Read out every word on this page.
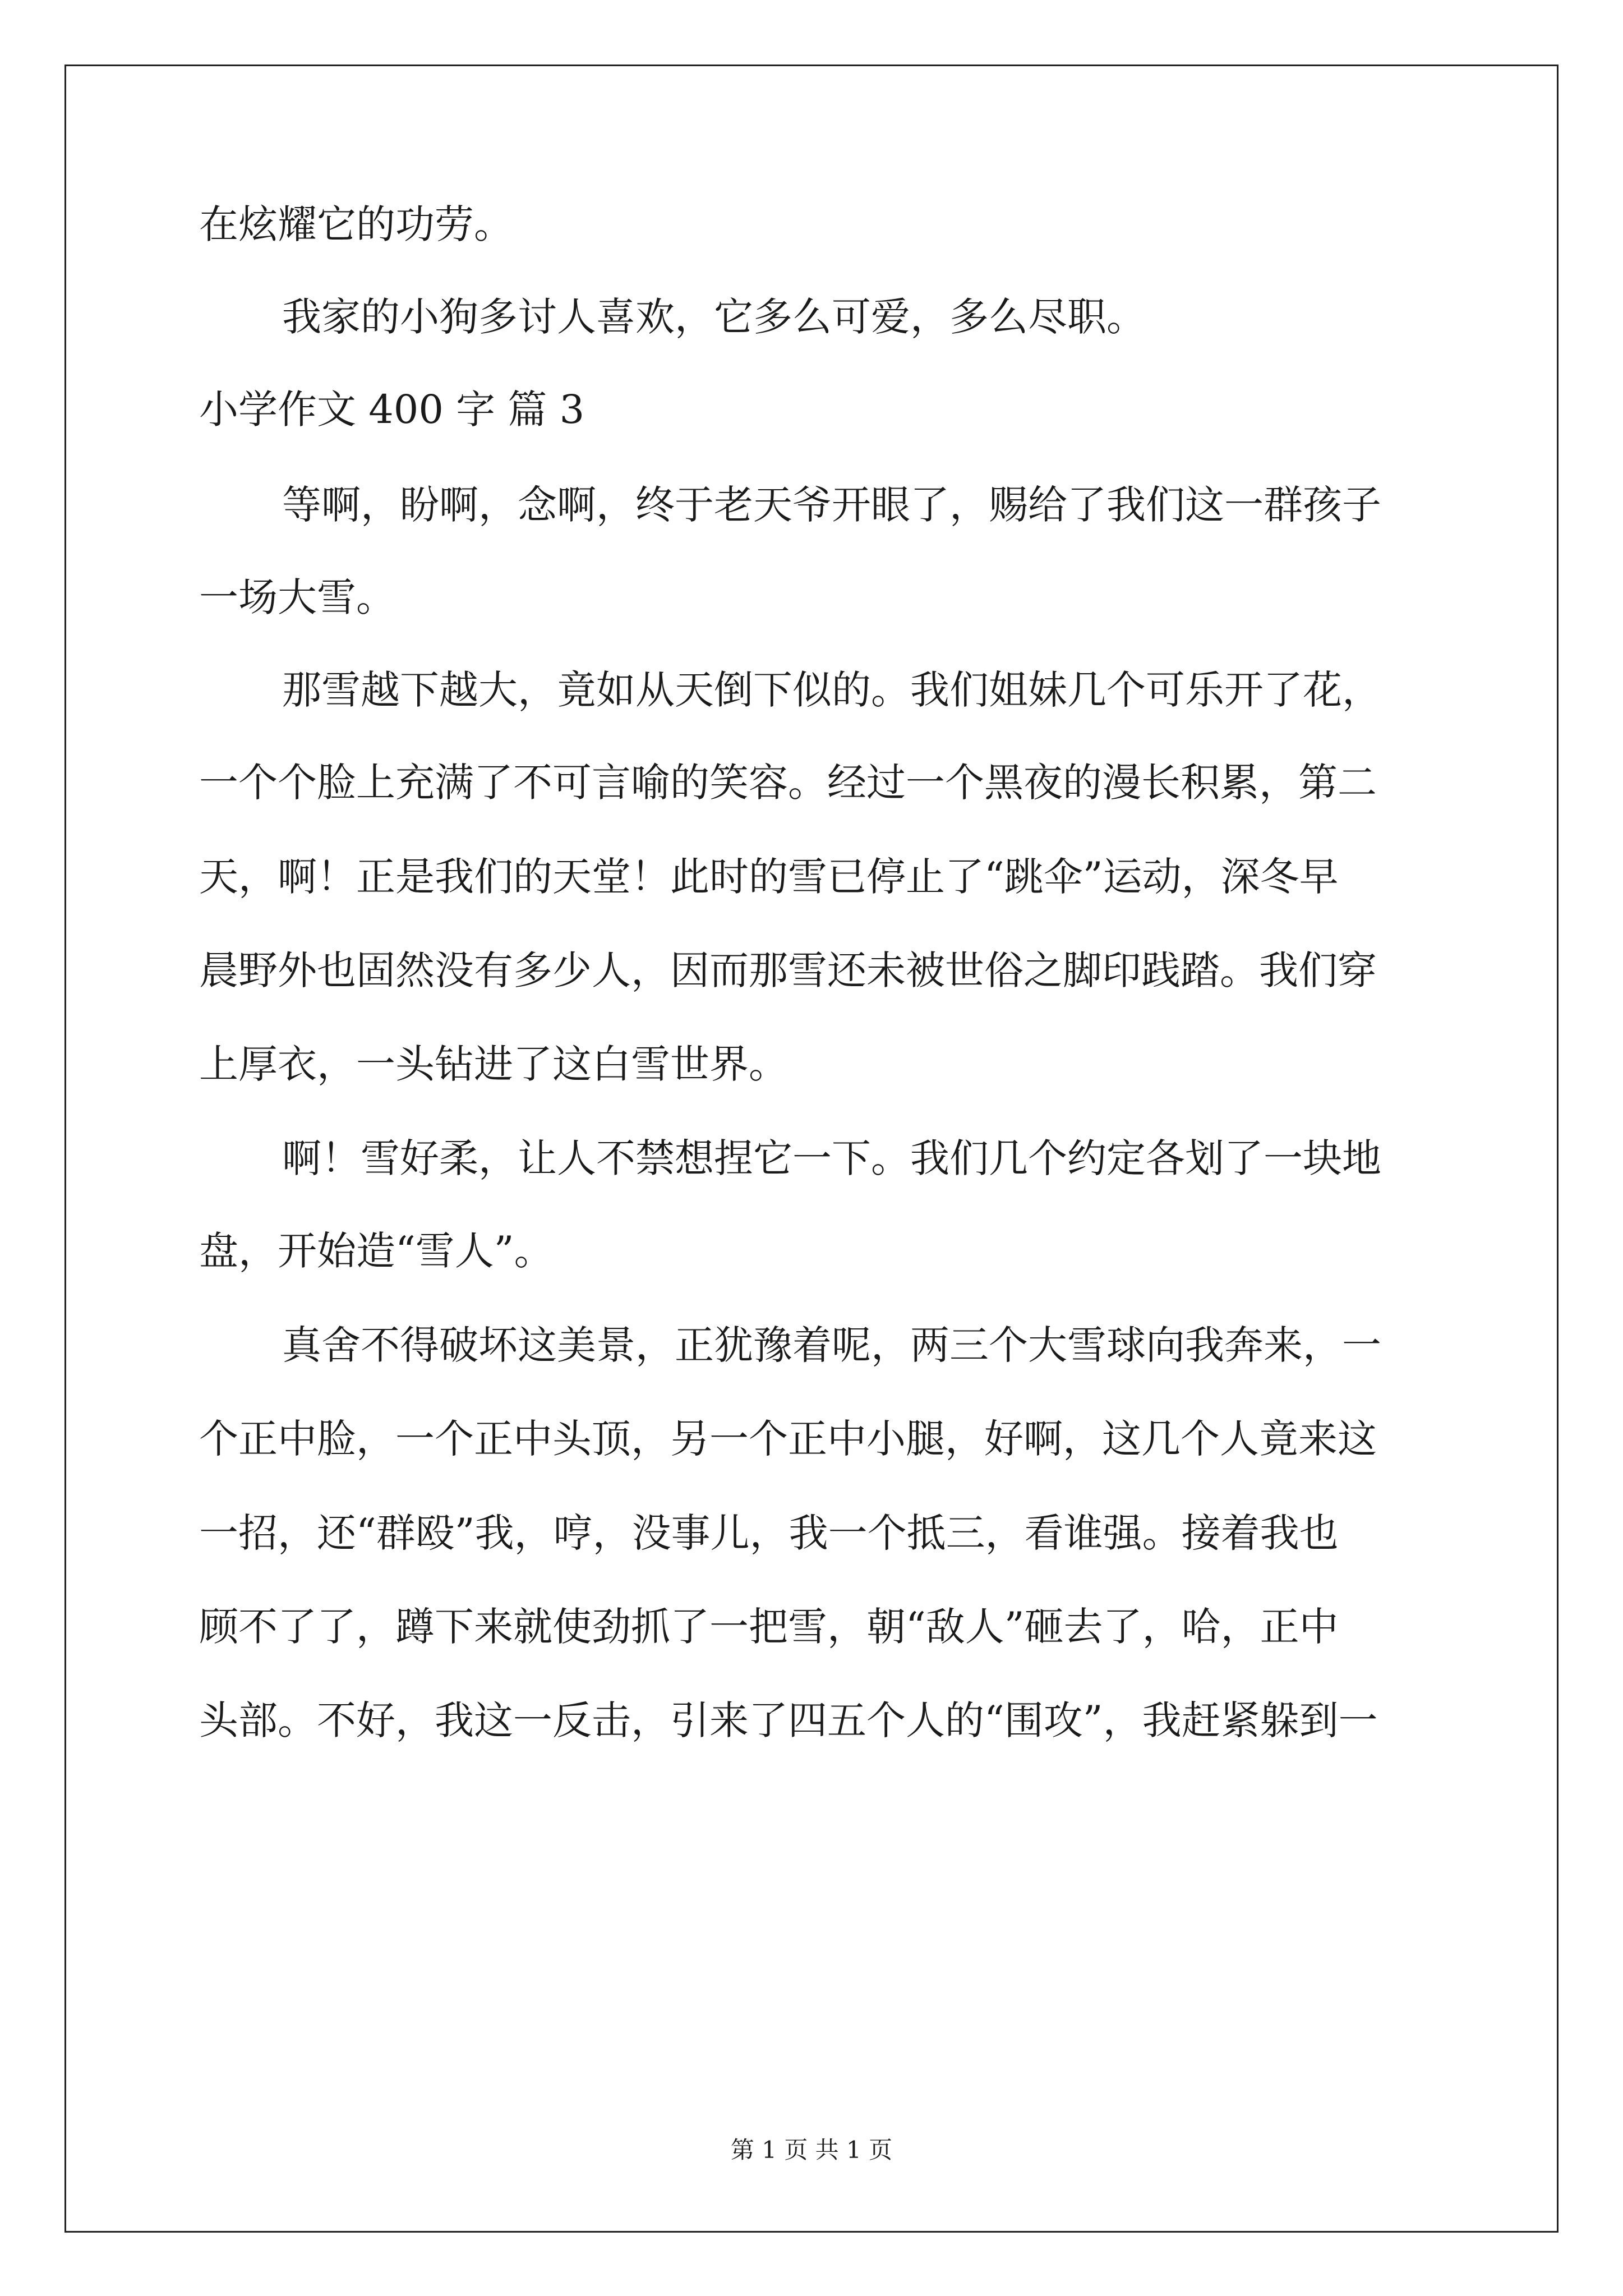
在炫耀它的功劳。
我家的小狗多讨人喜欢，它多么可爱，多么尽职。
小学作文 400 字 篇 3
等啊，盼啊，念啊，终于老天爷开眼了，赐给了我们这一群孩子
一场大雪。
那雪越下越大，竟如从天倒下似的。我们姐妹几个可乐开了花，
一个个脸上充满了不可言喻的笑容。经过一个黑夜的漫长积累，第二
天，啊！正是我们的天堂！此时的雪已停止了“跳伞”运动，深冬早
晨野外也固然没有多少人，因而那雪还未被世俗之脚印践踏。我们穿
上厚衣，一头钻进了这白雪世界。
啊！雪好柔，让人不禁想捏它一下。我们几个约定各划了一块地
盘，开始造“雪人”。
真舍不得破坏这美景，正犹豫着呢，两三个大雪球向我奔来，一
个正中脸，一个正中头顶，另一个正中小腿，好啊，这几个人竟来这
一招，还“群殴”我，哼，没事儿，我一个抵三，看谁强。接着我也
顾不了了，蹲下来就使劲抓了一把雪，朝“敌人”砸去了，哈，正中
头部。不好，我这一反击，引来了四五个人的“围攻”，我赶紧躲到一
第 1 页 共 1 页
